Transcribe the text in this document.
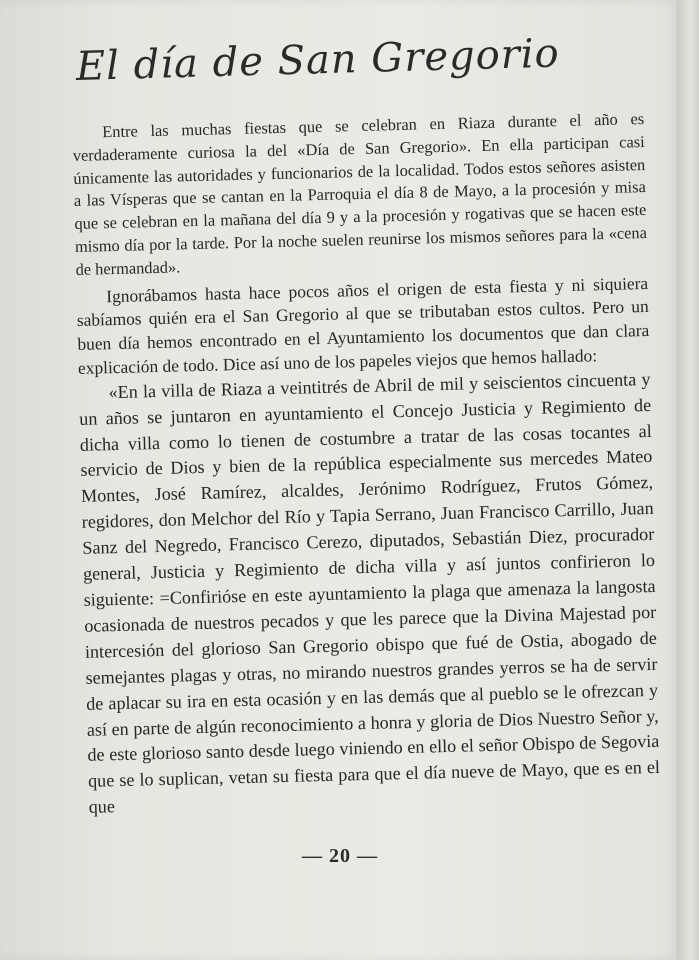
El día de San Gregorio

Entre las muchas fiestas que se celebran en Riaza durante el año es verdaderamente curiosa la del «Día de San Gregorio». En ella participan casi únicamente las autoridades y funcionarios de la localidad. Todos estos señores asisten a las Vísperas que se cantan en la Parroquia el día 8 de Mayo, a la procesión y misa que se celebran en la mañana del día 9 y a la procesión y rogativas que se hacen este mismo día por la tarde. Por la noche suelen reunirse los mismos señores para la «cena de hermandad».

Ignorábamos hasta hace pocos años el origen de esta fiesta y ni siquiera sabíamos quién era el San Gregorio al que se tributaban estos cultos. Pero un buen día hemos encontrado en el Ayuntamiento los documentos que dan clara explicación de todo. Dice así uno de los papeles viejos que hemos hallado:

«En la villa de Riaza a veintitrés de Abril de mil y seiscientos cincuenta y un años se juntaron en ayuntamiento el Concejo Justicia y Regimiento de dicha villa como lo tienen de costumbre a tratar de las cosas tocantes al servicio de Dios y bien de la república especialmente sus mercedes Mateo Montes, José Ramírez, alcaldes, Jerónimo Rodríguez, Frutos Gómez, regidores, don Melchor del Río y Tapia Serrano, Juan Francisco Carrillo, Juan Sanz del Negredo, Francisco Cerezo, diputados, Sebastián Diez, procurador general, Justicia y Regimiento de dicha villa y así juntos confirieron lo siguiente: =Confirióse en este ayuntamiento la plaga que amenaza la langosta ocasionada de nuestros pecados y que les parece que la Divina Majestad por intercesión del glorioso San Gregorio obispo que fué de Ostia, abogado de semejantes plagas y otras, no mirando nuestros grandes yerros se ha de servir de aplacar su ira en esta ocasión y en las demás que al pueblo se le ofrezcan y así en parte de algún reconocimiento a honra y gloria de Dios Nuestro Señor y, de este glorioso santo desde luego viniendo en ello el señor Obispo de Segovia que se lo suplican, vetan su fiesta para que el día nueve de Mayo, que es en el que

— 20 —
